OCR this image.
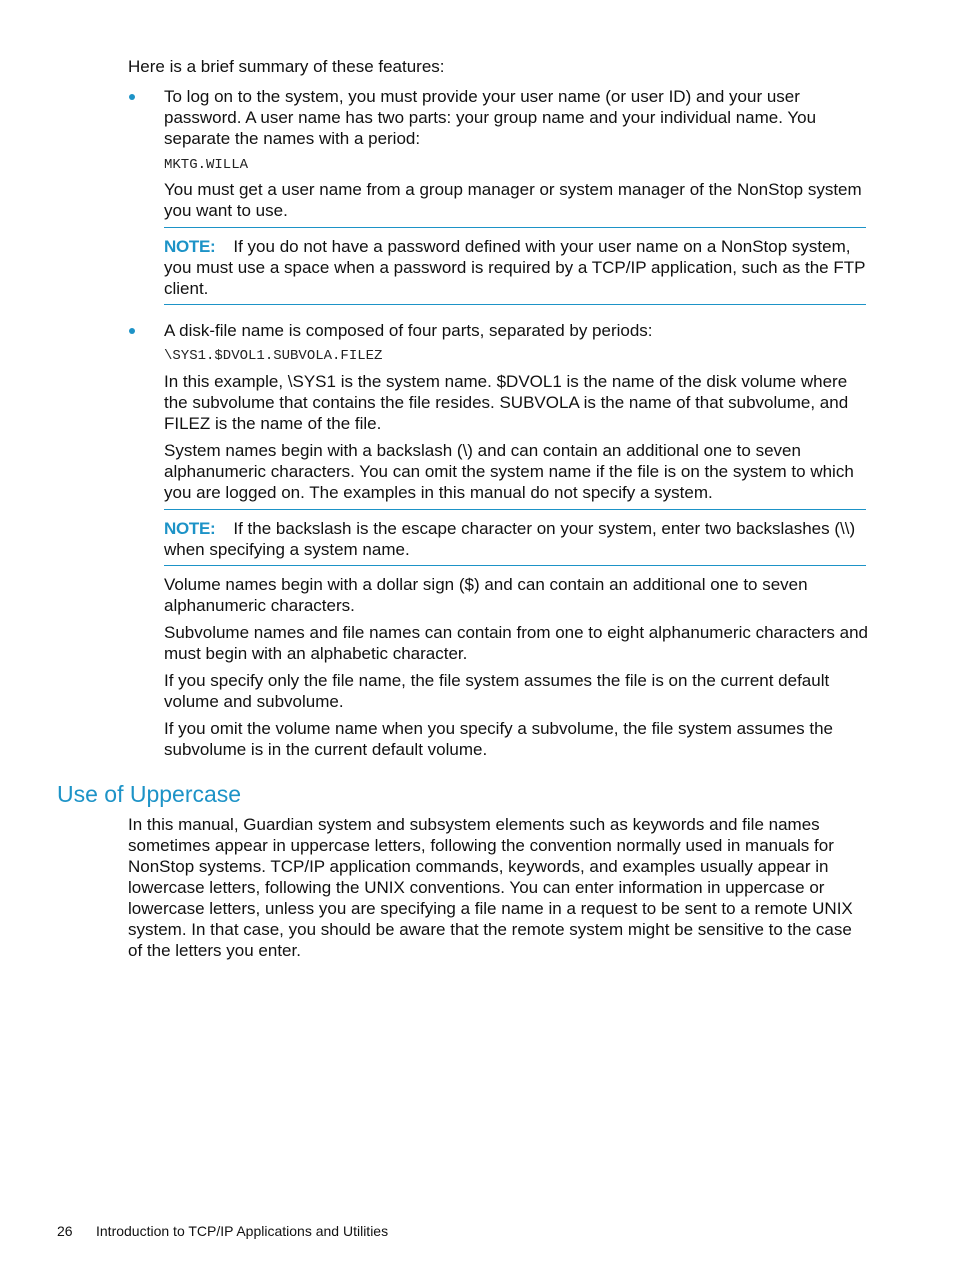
Here is a brief summary of these features:

To log on to the system, you must provide your user name (or user ID) and your user password. A user name has two parts: your group name and your individual name. You separate the names with a period:

MKTG.WILLA

You must get a user name from a group manager or system manager of the NonStop system you want to use.

NOTE: If you do not have a password defined with your user name on a NonStop system, you must use a space when a password is required by a TCP/IP application, such as the FTP client.

A disk-file name is composed of four parts, separated by periods:

\SYS1.$DVOL1.SUBVOLA.FILEZ

In this example, \SYS1 is the system name. $DVOL1 is the name of the disk volume where the subvolume that contains the file resides. SUBVOLA is the name of that subvolume, and FILEZ is the name of the file.

System names begin with a backslash (\) and can contain an additional one to seven alphanumeric characters. You can omit the system name if the file is on the system to which you are logged on. The examples in this manual do not specify a system.

NOTE: If the backslash is the escape character on your system, enter two backslashes (\\) when specifying a system name.

Volume names begin with a dollar sign ($) and can contain an additional one to seven alphanumeric characters.

Subvolume names and file names can contain from one to eight alphanumeric characters and must begin with an alphabetic character.

If you specify only the file name, the file system assumes the file is on the current default volume and subvolume.

If you omit the volume name when you specify a subvolume, the file system assumes the subvolume is in the current default volume.

Use of Uppercase

In this manual, Guardian system and subsystem elements such as keywords and file names sometimes appear in uppercase letters, following the convention normally used in manuals for NonStop systems. TCP/IP application commands, keywords, and examples usually appear in lowercase letters, following the UNIX conventions. You can enter information in uppercase or lowercase letters, unless you are specifying a file name in a request to be sent to a remote UNIX system. In that case, you should be aware that the remote system might be sensitive to the case of the letters you enter.

26 Introduction to TCP/IP Applications and Utilities
